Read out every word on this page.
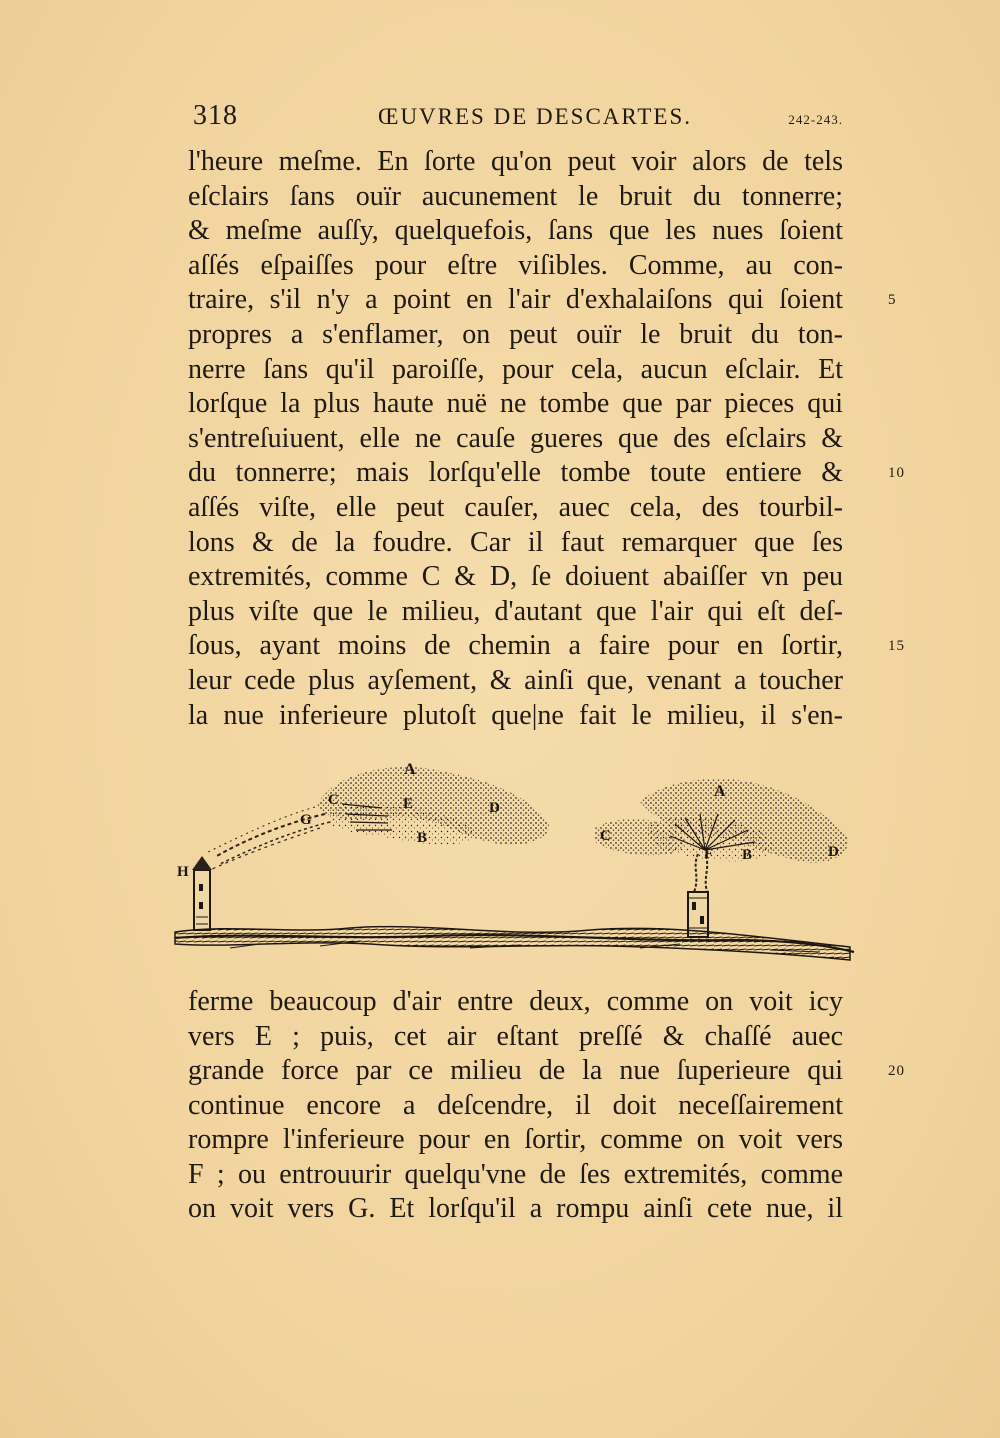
318	ŒUVRES DE DESCARTES.	242-243.
l'heure meſme. En ſorte qu'on peut voir alors de tels
eſclairs ſans ouïr aucunement le bruit du tonnerre;
& meſme auſſy, quelquefois, ſans que les nues ſoient
aſſés eſpaiſſes pour eſtre viſibles. Comme, au con-
traire, s'il n'y a point en l'air d'exhalaiſons qui ſoient	5
propres a s'enflamer, on peut ouïr le bruit du ton-
nerre ſans qu'il paroiſſe, pour cela, aucun eſclair. Et
lorſque la plus haute nuë ne tombe que par pieces qui
s'entreſuiuent, elle ne cauſe gueres que des eſclairs &
du tonnerre; mais lorſqu'elle tombe toute entiere &	10
aſſés viſte, elle peut cauſer, auec cela, des tourbil-
lons & de la foudre. Car il faut remarquer que ſes
extremités, comme C & D, ſe doiuent abaiſſer vn peu
plus viſte que le milieu, d'autant que l'air qui eſt deſ-
ſous, ayant moins de chemin a faire pour en ſortir,	15
leur cede plus ayſement, & ainſi que, venant a toucher
la nue inferieure plutoſt que|ne fait le milieu, il s'en-
A
C	E	D
G
B
H
A
C
F B	D
ferme beaucoup d'air entre deux, comme on voit icy
vers E ; puis, cet air eſtant preſſé & chaſſé auec
grande force par ce milieu de la nue ſuperieure qui	20
continue encore a deſcendre, il doit neceſſairement
rompre l'inferieure pour en ſortir, comme on voit vers
F ; ou entrouurir quelqu'vne de ſes extremités, comme
on voit vers G. Et lorſqu'il a rompu ainſi cete nue, il
